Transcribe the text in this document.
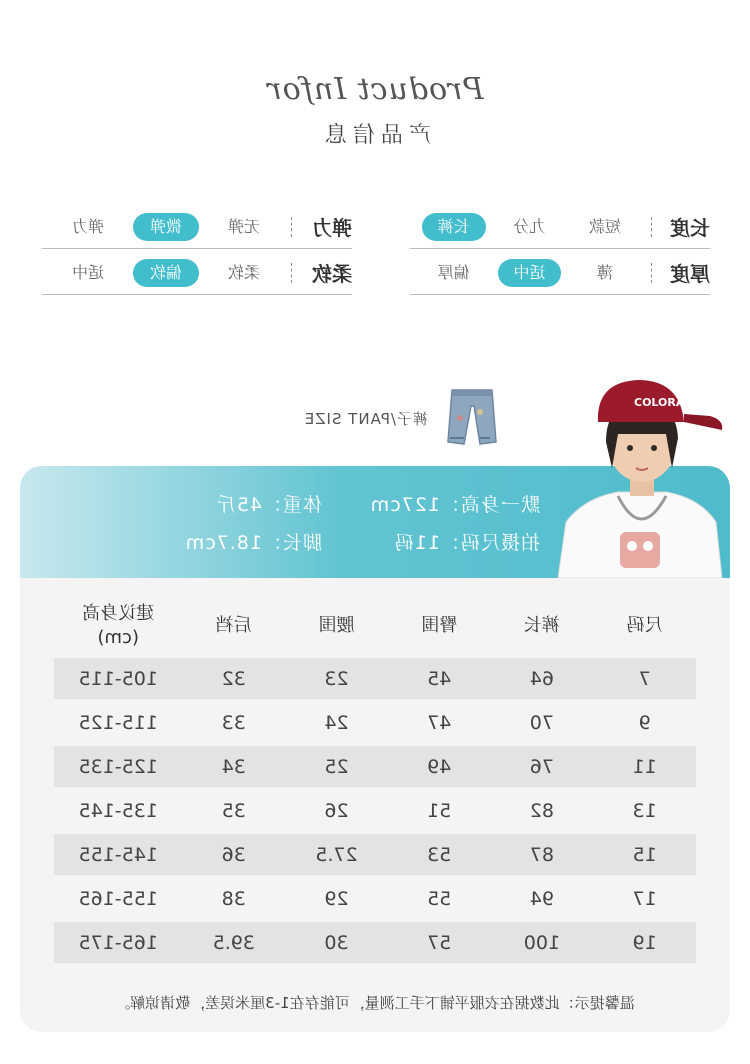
Product Infor
产品信息
长度
短款
九分
长裤
厚度
薄
适中
偏厚
弹力
无弹
微弹
弹力
柔软
柔软
偏软
适中
裤子/PANT SIZE
默一身高：127cm
体重：45斤
拍摄尺码：11码
脚长：18.7cm
COLORA
尺码
裤长
臀围
腰围
后裆
建议身高
(cm)
7
64
45
23
32
105-115
9
70
47
24
33
115-125
11
76
49
25
34
125-135
13
82
51
26
35
135-145
15
87
53
27.5
36
145-155
17
94
55
29
38
155-165
19
100
57
30
39.5
165-175
温馨提示：此数据在衣服平铺下手工测量，可能存在1-3厘米误差，敬请谅解。
